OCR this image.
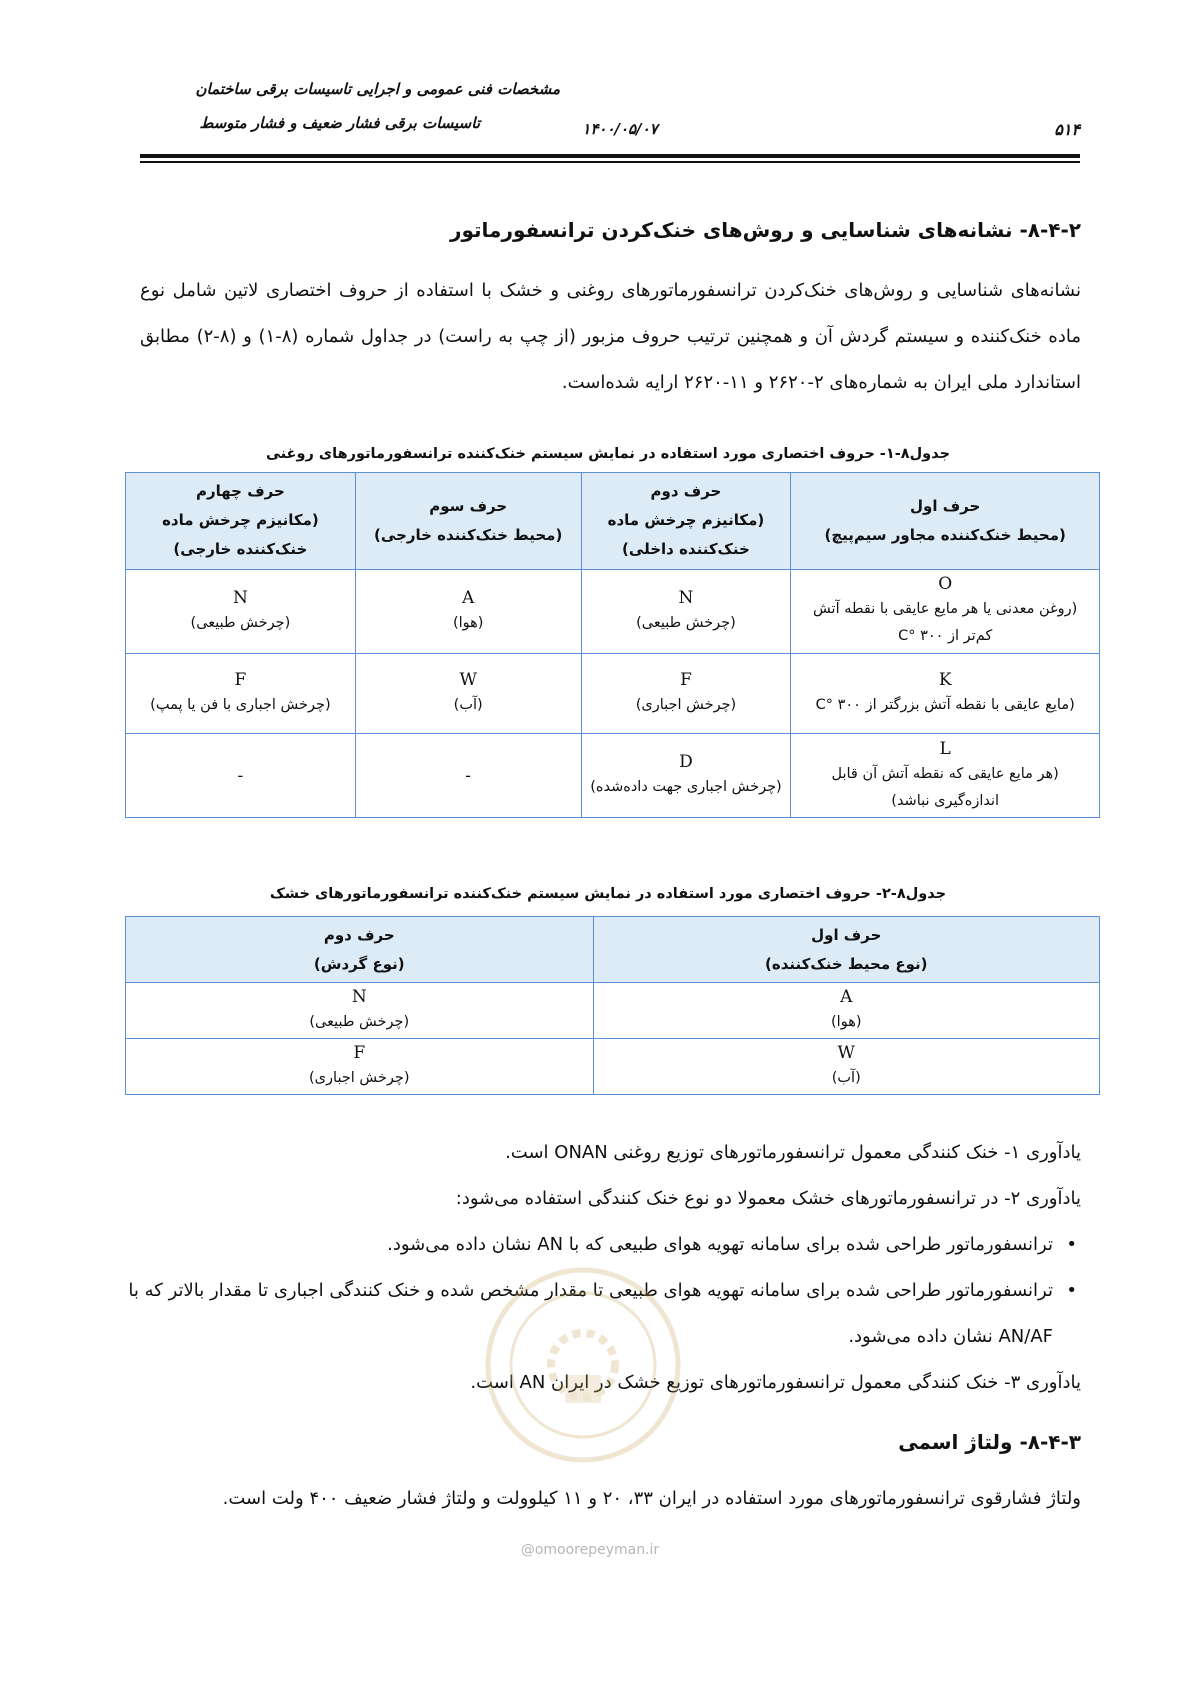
مشخصات فنی عمومی و اجرایی تاسیسات برقی ساختمان
تاسیسات برقی فشار ضعیف و فشار متوسط	۱۴۰۰/۰۵/۰۷	۵۱۴
۸-۴-۲- نشانه‌های شناسایی و روش‌های خنک‌کردن ترانسفورماتور

نشانه‌های شناسایی و روش‌های خنک‌کردن ترانسفورماتورهای روغنی و خشک با استفاده از حروف اختصاری لاتین شامل نوع ماده خنک‌کننده و سیستم گردش آن و همچنین ترتیب حروف مزبور (از چپ به راست) در جداول شماره (۸-۱) و (۸-۲) مطابق استاندارد ملی ایران به شماره‌های ۲-۲۶۲۰ و ۱۱-۲۶۲۰ ارایه شده‌است.

جدول۸-۱- حروف اختصاری مورد استفاده در نمایش سیستم خنک‌کننده ترانسفورماتورهای روغنی
حرف اول
(محیط خنک‌کننده مجاور سیم‌پیچ)	حرف دوم
(مکانیزم چرخش ماده خنک‌کننده داخلی)	حرف سوم
(محیط خنک‌کننده خارجی)	حرف چهارم
(مکانیزم چرخش ماده خنک‌کننده خارجی)

O
(روغن معدنی یا هر مایع عایقی با نقطه آتش کم‌تر از ۳۰۰ °C	N
(چرخش طبیعی)	A
(هوا)	N
(چرخش طبیعی)

K
(مایع عایقی با نقطه آتش بزرگتر از ۳۰۰ °C	F
(چرخش اجباری)	W
(آب)	F
(چرخش اجباری با فن یا پمپ)

L
(هر مایع عایقی که نقطه آتش آن قابل اندازه‌گیری نباشد)	D
(چرخش اجباری جهت داده‌شده)	-	-
جدول۸-۲- حروف اختصاری مورد استفاده در نمایش سیستم خنک‌کننده ترانسفورماتورهای خشک
حرف اول
(نوع محیط خنک‌کننده)	حرف دوم
(نوع گردش)

A
(هوا)	N
(چرخش طبیعی)

W
(آب)	F
(چرخش اجباری)

یادآوری ۱- خنک کنندگی معمول ترانسفورماتورهای توزیع روغنی ONAN است.

یادآوری ۲- در ترانسفورماتورهای خشک معمولا دو نوع خنک کنندگی استفاده می‌شود:

• ترانسفورماتور طراحی شده برای سامانه تهویه هوای طبیعی که با AN نشان داده می‌شود.

• ترانسفورماتور طراحی شده برای سامانه تهویه هوای طبیعی تا مقدار مشخص شده و خنک کنندگی اجباری تا مقدار بالاتر که با AN/AF نشان داده می‌شود.

یادآوری ۳- خنک کنندگی معمول ترانسفورماتورهای توزیع خشک در ایران AN است.

۸-۴-۳- ولتاژ اسمی
ولتاژ فشارقوی ترانسفورماتورهای مورد استفاده در ایران ۳۳، ۲۰ و ۱۱ کیلوولت و ولتاژ فشار ضعیف ۴۰۰ ولت است.
@omoorepeyman.ir
